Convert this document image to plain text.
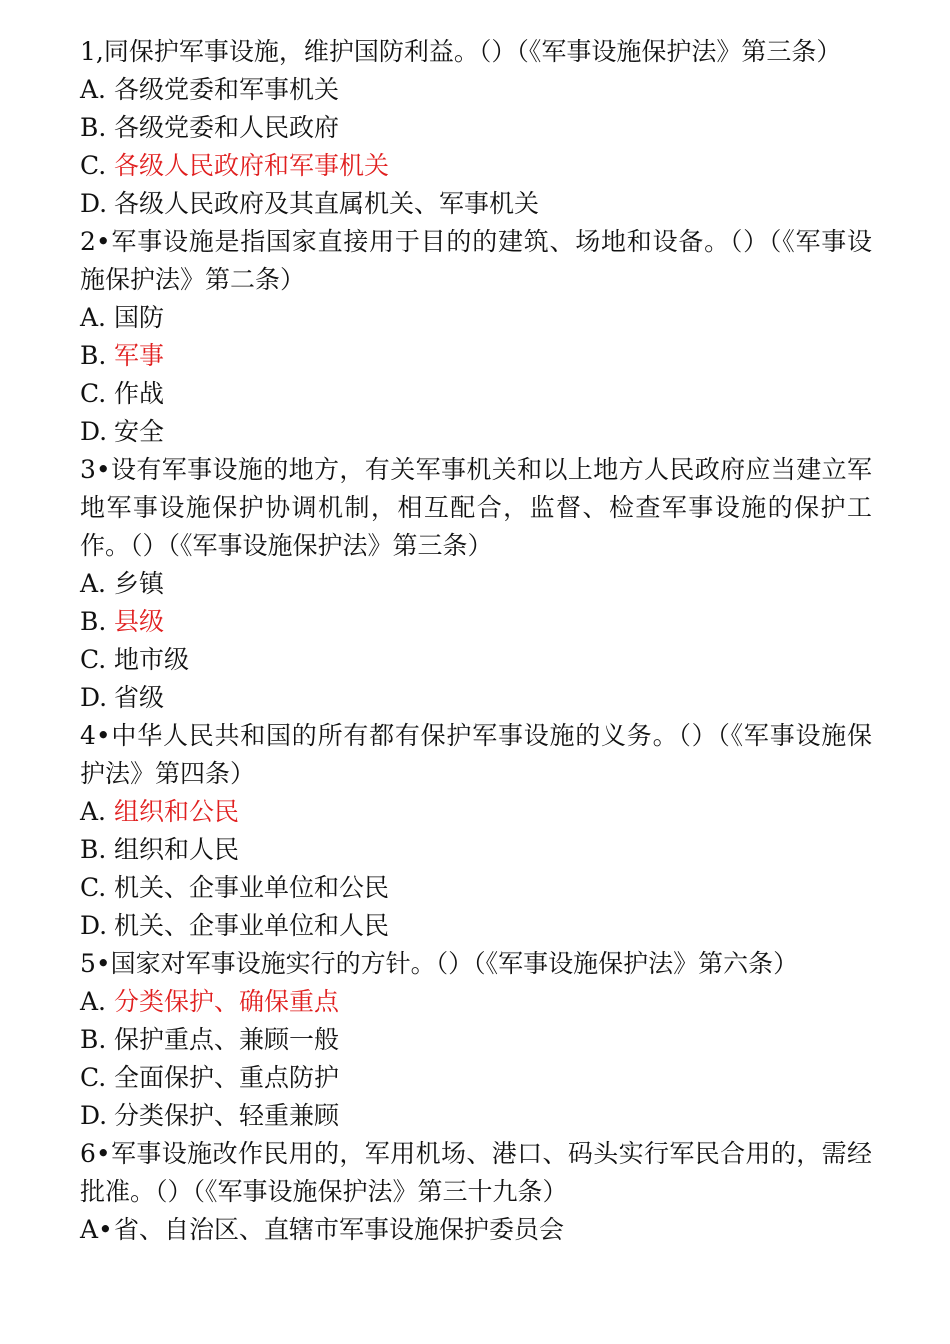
1,同保护军事设施，维护国防利益。（）（《军事设施保护法》第三条）
A. 各级党委和军事机关
B. 各级党委和人民政府
C. 各级人民政府和军事机关
D. 各级人民政府及其直属机关、军事机关
2•军事设施是指国家直接用于目的的建筑、场地和设备。（）（《军事设施保护法》第二条）
A. 国防
B. 军事
C. 作战
D. 安全
3•设有军事设施的地方，有关军事机关和以上地方人民政府应当建立军地军事设施保护协调机制，相互配合，监督、检查军事设施的保护工作。（）（《军事设施保护法》第三条）
A. 乡镇
B. 县级
C. 地市级
D. 省级
4•中华人民共和国的所有都有保护军事设施的义务。（）（《军事设施保护法》第四条）
A. 组织和公民
B. 组织和人民
C. 机关、企事业单位和公民
D. 机关、企事业单位和人民
5•国家对军事设施实行的方针。（）（《军事设施保护法》第六条）
A. 分类保护、确保重点
B. 保护重点、兼顾一般
C. 全面保护、重点防护
D. 分类保护、轻重兼顾
6•军事设施改作民用的，军用机场、港口、码头实行军民合用的，需经批准。（）（《军事设施保护法》第三十九条）
A•省、自治区、直辖市军事设施保护委员会
